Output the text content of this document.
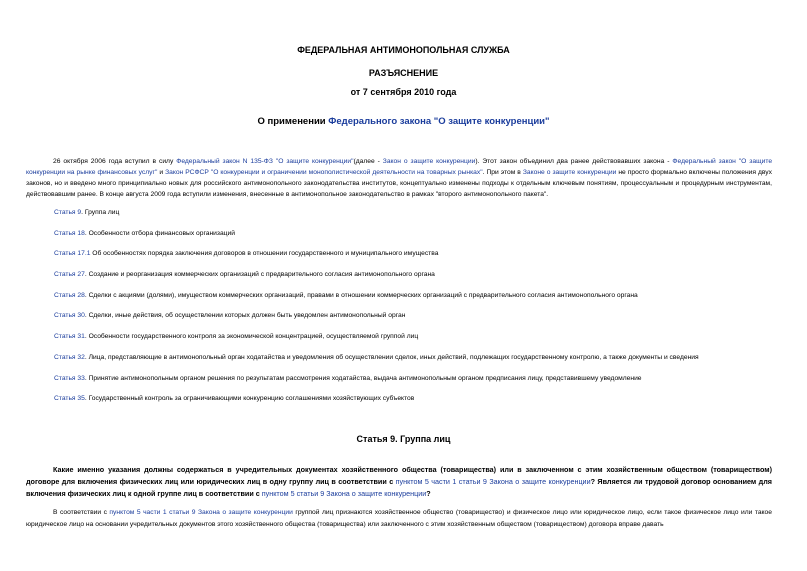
ФЕДЕРАЛЬНАЯ АНТИМОНОПОЛЬНАЯ СЛУЖБА
РАЗЪЯСНЕНИЕ
от 7 сентября 2010 года
О применении Федерального закона "О защите конкуренции"
26 октября 2006 года вступил в силу Федеральный закон N 135-ФЗ "О защите конкуренции"(далее - Закон о защите конкуренции). Этот закон объединил два ранее действовавших закона - Федеральный закон "О защите конкуренции на рынке финансовых услуг" и Закон РСФСР "О конкуренции и ограничении монополистической деятельности на товарных рынках". При этом в Законе о защите конкуренции не просто формально включены положения двух законов, но и введено много принципиально новых для российского антимонопольного законодательства институтов, концептуально изменены подходы к отдельным ключевым понятиям, процессуальным и процедурным инструментам, действовавшим ранее. В конце августа 2009 года вступили изменения, внесенные в антимонопольное законодательство в рамках "второго антимонопольного пакета".
Статья 9. Группа лиц
Статья 18. Особенности отбора финансовых организаций
Статья 17.1 Об особенностях порядка заключения договоров в отношении государственного и муниципального имущества
Статья 27. Создание и реорганизация коммерческих организаций с предварительного согласия антимонопольного органа
Статья 28. Сделки с акциями (долями), имуществом коммерческих организаций, правами в отношении коммерческих организаций с предварительного согласия антимонопольного органа
Статья 30. Сделки, иные действия, об осуществлении которых должен быть уведомлен антимонопольный орган
Статья 31. Особенности государственного контроля за экономической концентрацией, осуществляемой группой лиц
Статья 32. Лица, представляющие в антимонопольный орган ходатайства и уведомления об осуществлении сделок, иных действий, подлежащих государственному контролю, а также документы и сведения
Статья 33. Принятие антимонопольным органом решения по результатам рассмотрения ходатайства, выдача антимонопольным органом предписания лицу, представившему уведомление
Статья 35. Государственный контроль за ограничивающими конкуренцию соглашениями хозяйствующих субъектов
Статья 9. Группа лиц
Какие именно указания должны содержаться в учредительных документах хозяйственного общества (товарищества) или в заключенном с этим хозяйственным обществом (товариществом) договоре для включения физических лиц или юридических лиц в одну группу лиц в соответствии с пунктом 5 части 1 статьи 9 Закона о защите конкуренции? Является ли трудовой договор основанием для включения физических лиц к одной группе лиц в соответствии с пунктом 5 статьи 9 Закона о защите конкуренции?
В соответствии с пунктом 5 части 1 статьи 9 Закона о защите конкуренции группой лиц признаются хозяйственное общество (товарищество) и физическое лицо или юридическое лицо, если такое физическое лицо или такое юридическое лицо на основании учредительных документов этого хозяйственного общества (товарищества) или заключенного с этим хозяйственным обществом (товариществом) договора вправе давать
